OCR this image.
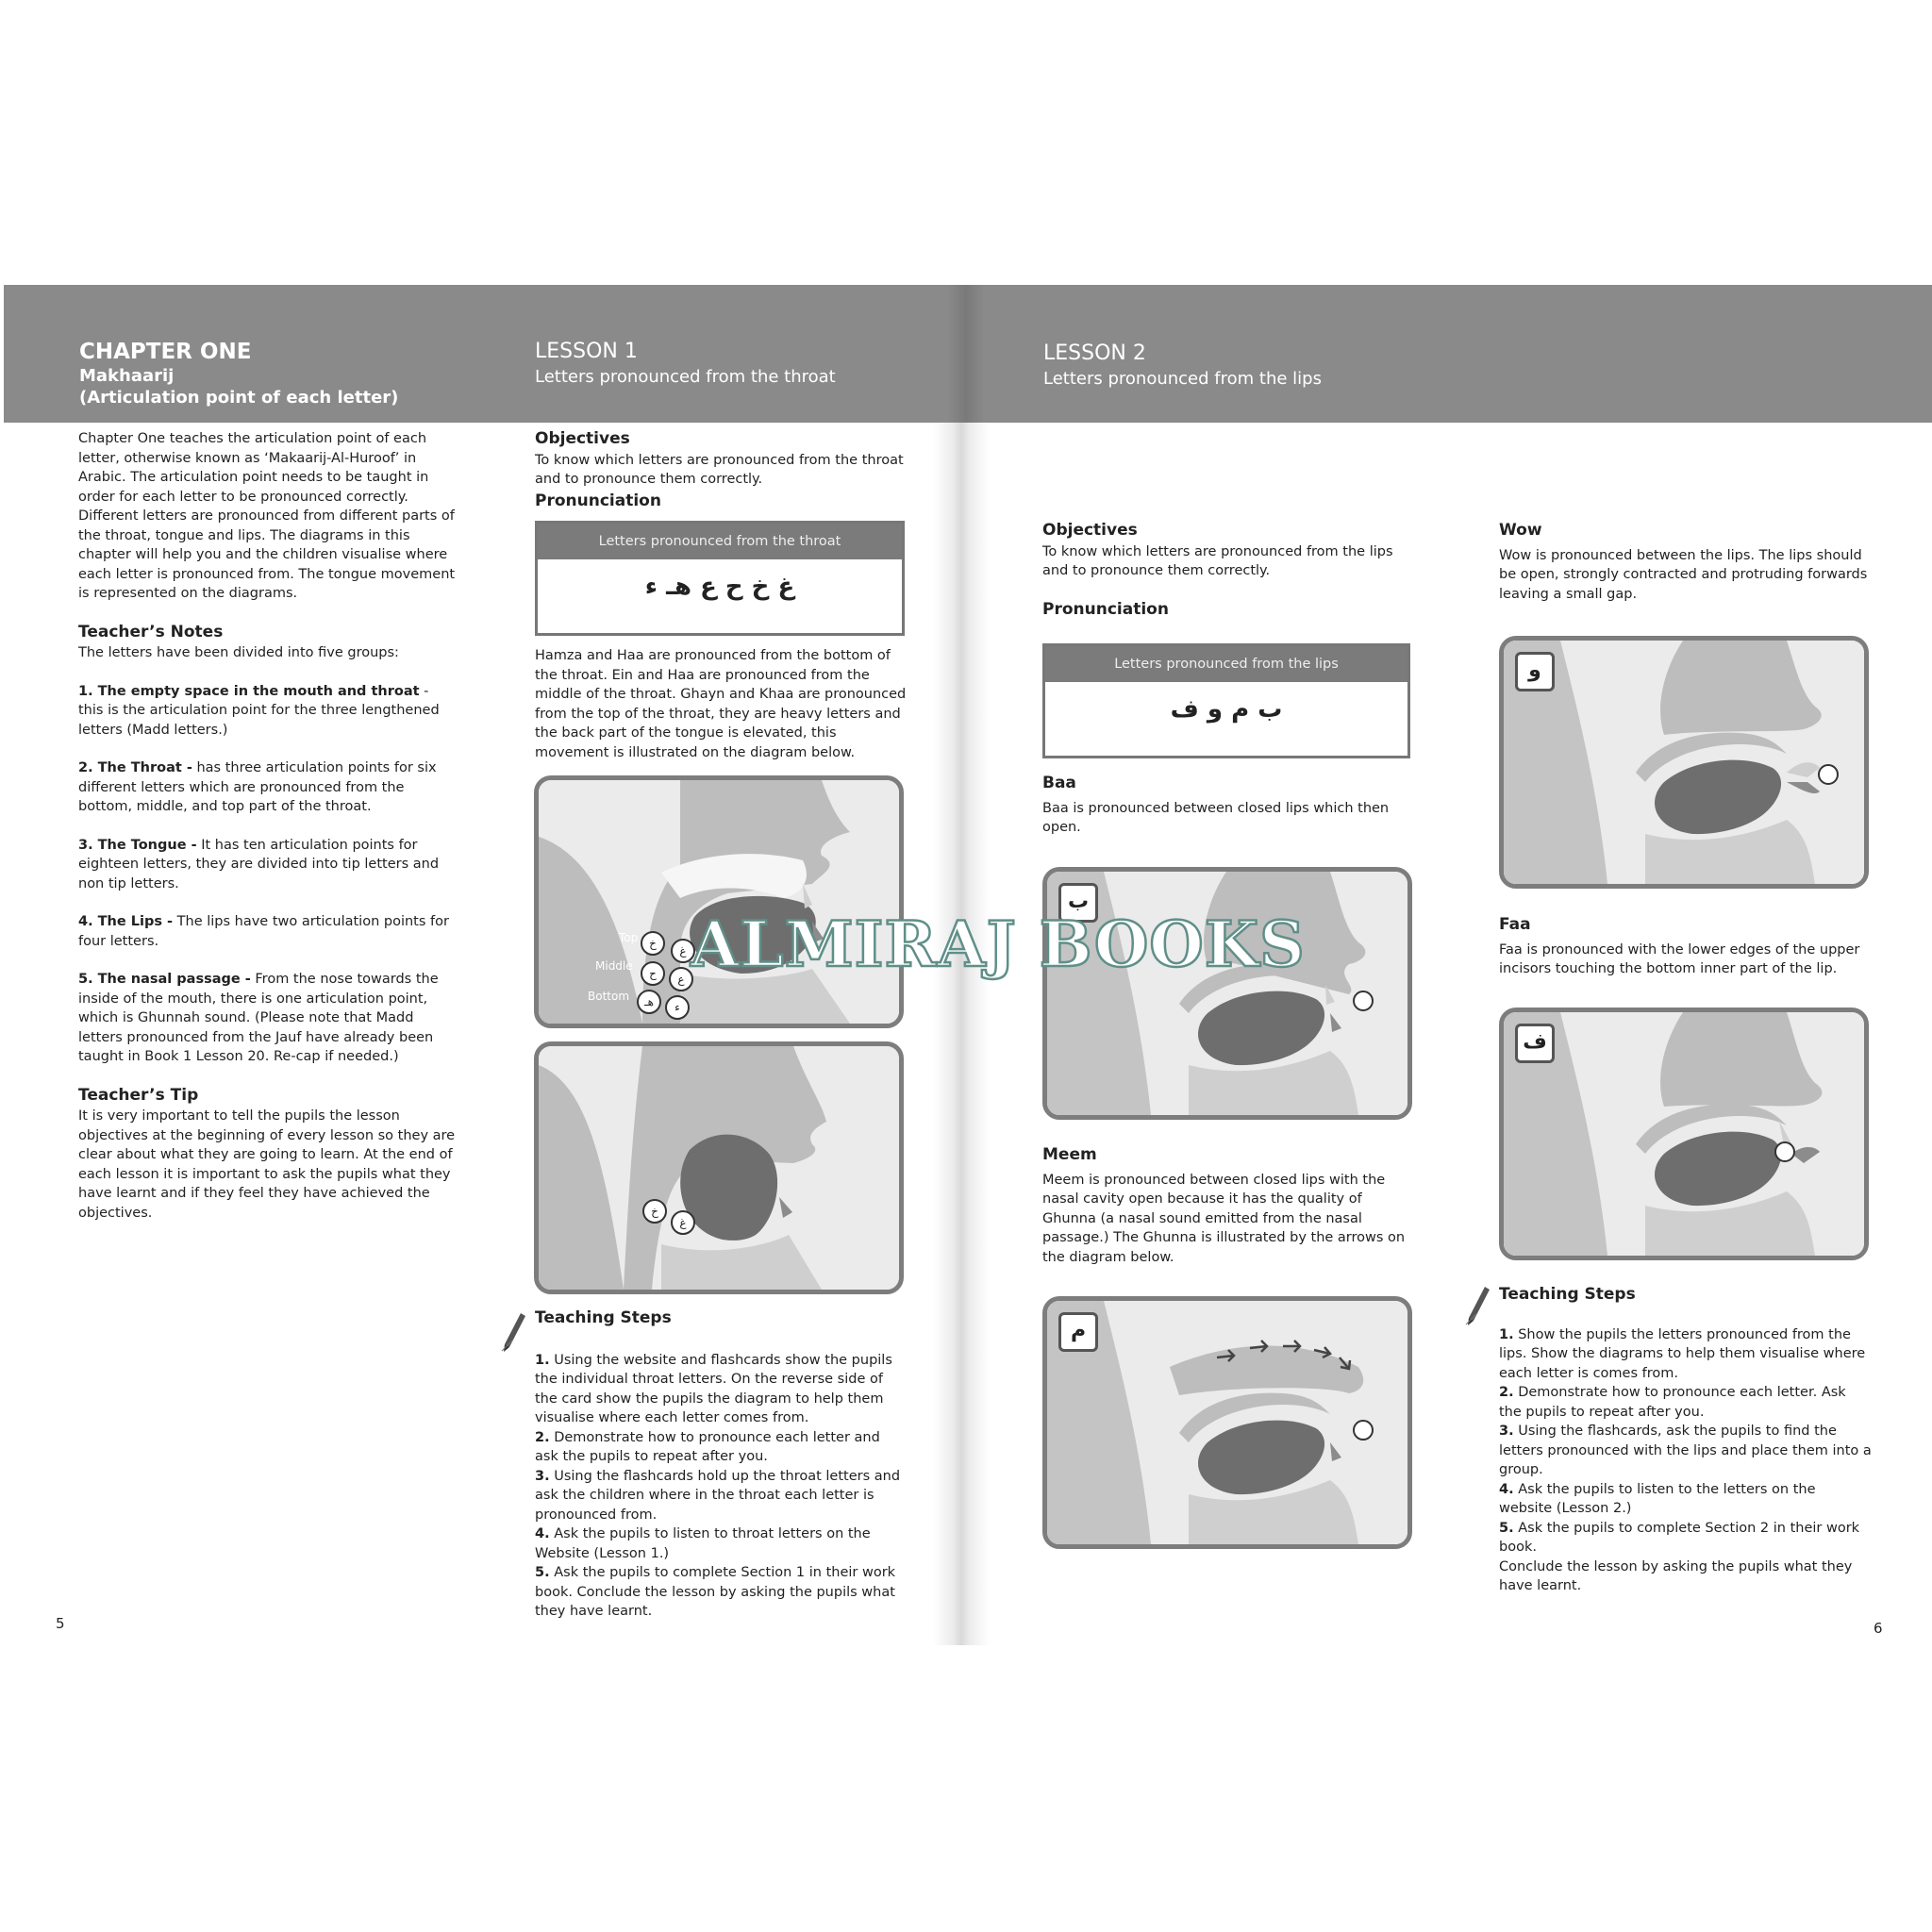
CHAPTER ONE
Makhaarij
(Articulation point of each letter)
LESSON 1
Letters pronounced from the throat
LESSON 2
Letters pronounced from the lips

Chapter One teaches the articulation point of each letter, otherwise known as ‘Makaarij-Al-Huroof’ in Arabic. The articulation point needs to be taught in order for each letter to be pronounced correctly. Different letters are pronounced from different parts of the throat, tongue and lips. The diagrams in this chapter will help you and the children visualise where each letter is pronounced from. The tongue movement is represented on the diagrams.

Teacher’s Notes

The letters have been divided into five groups:

1. The empty space in the mouth and throat - this is the articulation point for the three lengthened letters (Madd letters.)

2. The Throat - has three articulation points for six different letters which are pronounced from the bottom, middle, and top part of the throat.

3. The Tongue - It has ten articulation points for eighteen letters, they are divided into tip letters and non tip letters.

4. The Lips - The lips have two articulation points for four letters.

5. The nasal passage - From the nose towards the inside of the mouth, there is one articulation point, which is Ghunnah sound. (Please note that Madd letters pronounced from the Jauf have already been taught in Book 1 Lesson 20. Re-cap if needed.)

Teacher’s Tip

It is very important to tell the pupils the lesson objectives at the beginning of every lesson so they are clear about what they are going to learn. At the end of each lesson it is important to ask the pupils what they have learnt and if they feel they have achieved the objectives.

Objectives
To know which letters are pronounced from the throat and to pronounce them correctly.
Pronunciation
Letters pronounced from the throat
غ خ ح ع هـ ء
Hamza and Haa are pronounced from the bottom of the throat. Ein and Haa are pronounced from the middle of the throat. Ghayn and Khaa are pronounced from the top of the throat, they are heavy letters and the back part of the tongue is elevated, this movement is illustrated on the diagram below.
Top
Middle
Bottom
خ
غ
ح	ع
هـ	ء
خ
غ
Teaching Steps
1. Using the website and flashcards show the pupils the individual throat letters. On the reverse side of the card show the pupils the diagram to help them visualise where each letter comes from.
2. Demonstrate how to pronounce each letter and ask the pupils to repeat after you.
3. Using the flashcards hold up the throat letters and ask the children where in the throat each letter is pronounced from.
4. Ask the pupils to listen to throat letters on the Website (Lesson 1.)
5. Ask the pupils to complete Section 1 in their work book. Conclude the lesson by asking the pupils what they have learnt.
Objectives
To know which letters are pronounced from the lips and to pronounce them correctly.
Pronunciation
Letters pronounced from the lips
ب م و ف
Baa
Baa is pronounced between closed lips which then open.
ب
Meem
Meem is pronounced between closed lips with the nasal cavity open because it has the quality of Ghunna (a nasal sound emitted from the nasal passage.) The Ghunna is illustrated by the arrows on the diagram below.
م
Wow
Wow is pronounced between the lips. The lips should be open, strongly contracted and protruding forwards leaving a small gap.
و
Faa
Faa is pronounced with the lower edges of the upper incisors touching the bottom inner part of the lip.
ف
Teaching Steps
1. Show the pupils the letters pronounced from the lips. Show the diagrams to help them visualise where each letter is comes from.
2. Demonstrate how to pronounce each letter. Ask the pupils to repeat after you.
3. Using the flashcards, ask the pupils to find the letters pronounced with the lips and place them into a group.
4. Ask the pupils to listen to the letters on the website (Lesson 2.)
5. Ask the pupils to complete Section 2 in their work book.
Conclude the lesson by asking the pupils what they have learnt.
5	6
ALMIRAJ BOOKS
